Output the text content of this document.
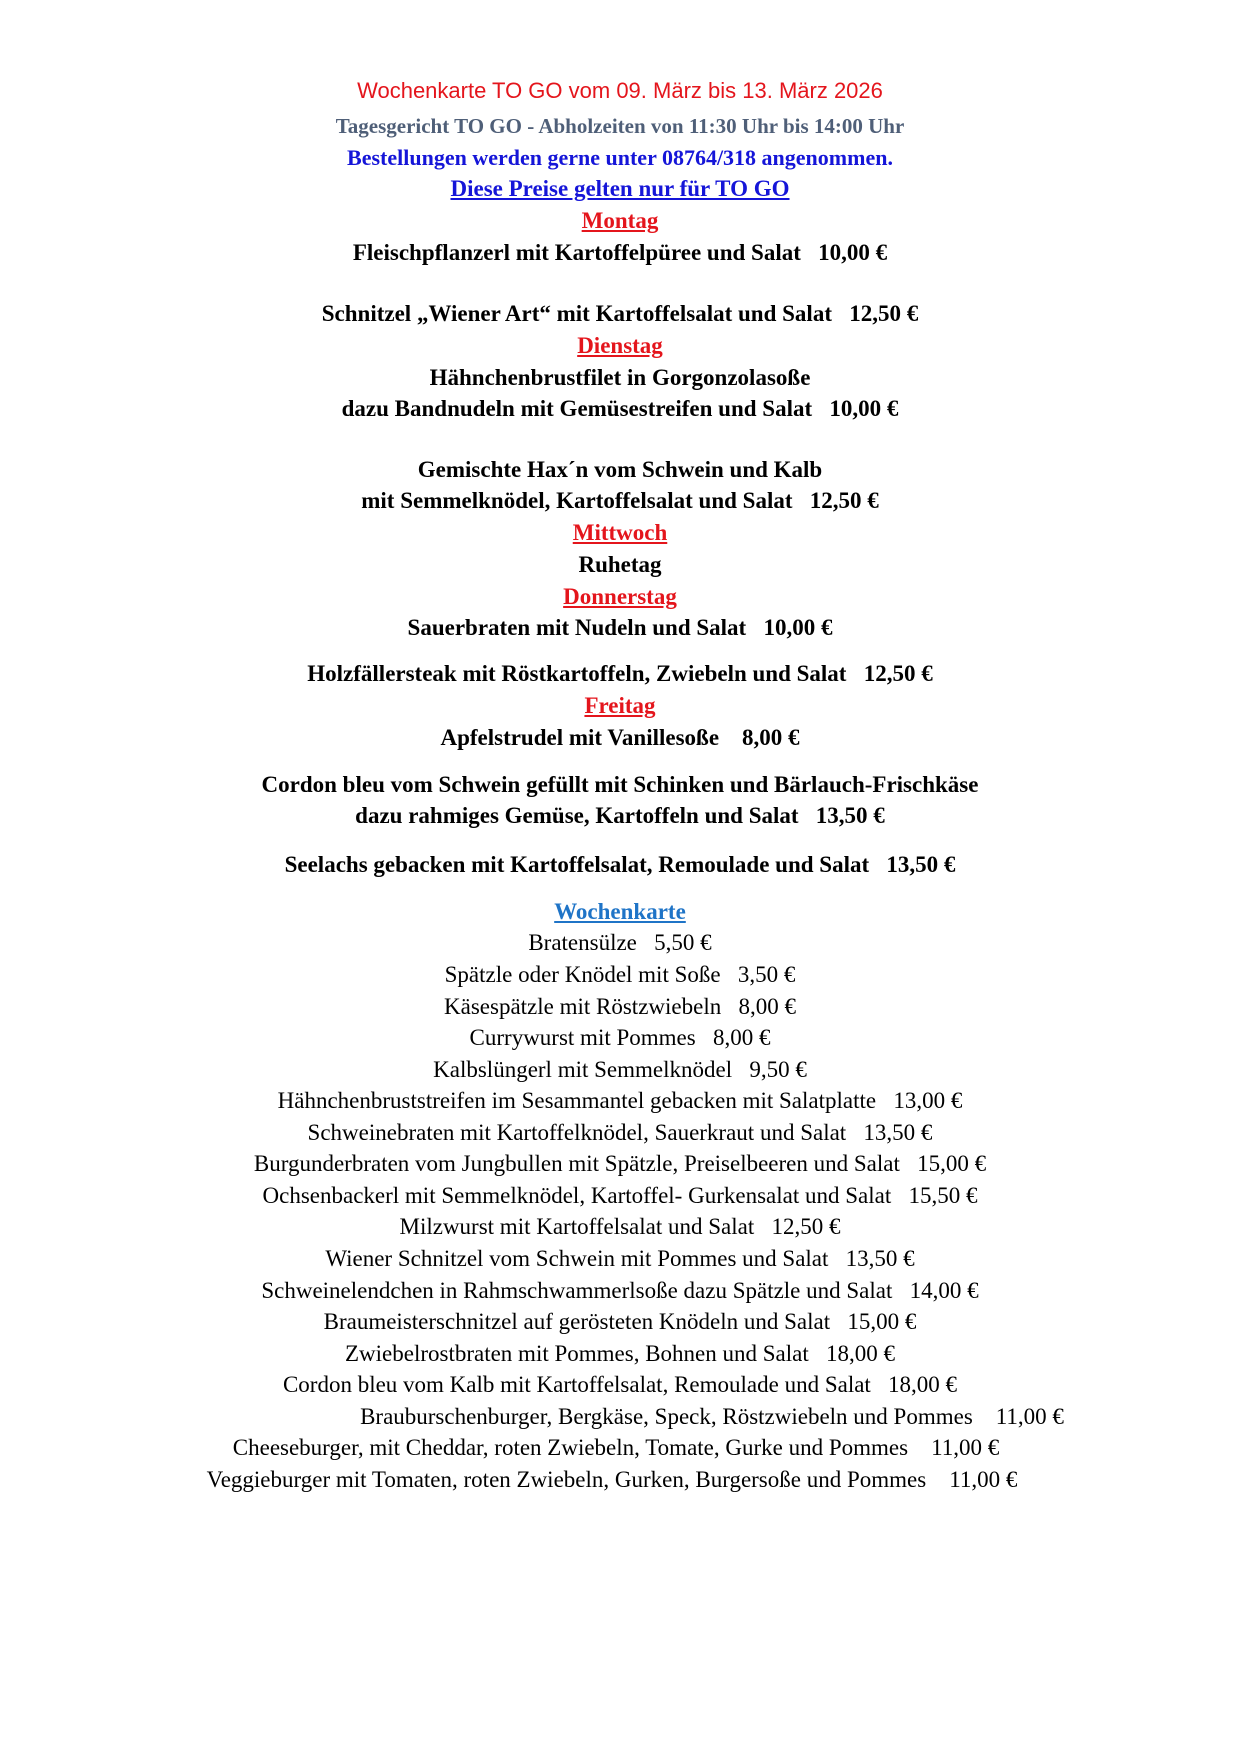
Wochenkarte TO GO vom 09. März bis 13. März 2026
Tagesgericht TO GO - Abholzeiten von 11:30 Uhr bis 14:00 Uhr
Bestellungen werden gerne unter 08764/318 angenommen.
Diese Preise gelten nur für TO GO
Montag
Fleischpflanzerl mit Kartoffelpüree und Salat   10,00 €
Schnitzel „Wiener Art“ mit Kartoffelsalat und Salat   12,50 €
Dienstag
Hähnchenbrustfilet in Gorgonzolasoße
dazu Bandnudeln mit Gemüsestreifen und Salat   10,00 €
Gemischte Hax´n vom Schwein und Kalb
mit Semmelknödel, Kartoffelsalat und Salat   12,50 €
Mittwoch
Ruhetag
Donnerstag
Sauerbraten mit Nudeln und Salat   10,00 €
Holzfällersteak mit Röstkartoffeln, Zwiebeln und Salat   12,50 €
Freitag
Apfelstrudel mit Vanillesoße    8,00 €
Cordon bleu vom Schwein gefüllt mit Schinken und Bärlauch-Frischkäse
dazu rahmiges Gemüse, Kartoffeln und Salat   13,50 €
Seelachs gebacken mit Kartoffelsalat, Remoulade und Salat   13,50 €
Wochenkarte
Bratensülze   5,50 €
Spätzle oder Knödel mit Soße   3,50 €
Käsespätzle mit Röstzwiebeln   8,00 €
Currywurst mit Pommes   8,00 €
Kalbslüngerl mit Semmelknödel   9,50 €
Hähnchenbruststreifen im Sesammantel gebacken mit Salatplatte   13,00 €
Schweinebraten mit Kartoffelknödel, Sauerkraut und Salat   13,50 €
Burgunderbraten vom Jungbullen mit Spätzle, Preiselbeeren und Salat   15,00 €
Ochsenbackerl mit Semmelknödel, Kartoffel- Gurkensalat und Salat   15,50 €
Milzwurst mit Kartoffelsalat und Salat   12,50 €
Wiener Schnitzel vom Schwein mit Pommes und Salat   13,50 €
Schweinelendchen in Rahmschwammerlsoße dazu Spätzle und Salat   14,00 €
Braumeisterschnitzel auf gerösteten Knödeln und Salat   15,00 €
Zwiebelrostbraten mit Pommes, Bohnen und Salat   18,00 €
Cordon bleu vom Kalb mit Kartoffelsalat, Remoulade und Salat   18,00 €
Brauburschenburger, Bergkäse, Speck, Röstzwiebeln und Pommes    11,00 €
Cheeseburger, mit Cheddar, roten Zwiebeln, Tomate, Gurke und Pommes    11,00 €
Veggieburger mit Tomaten, roten Zwiebeln, Gurken, Burgersoße und Pommes    11,00 €
